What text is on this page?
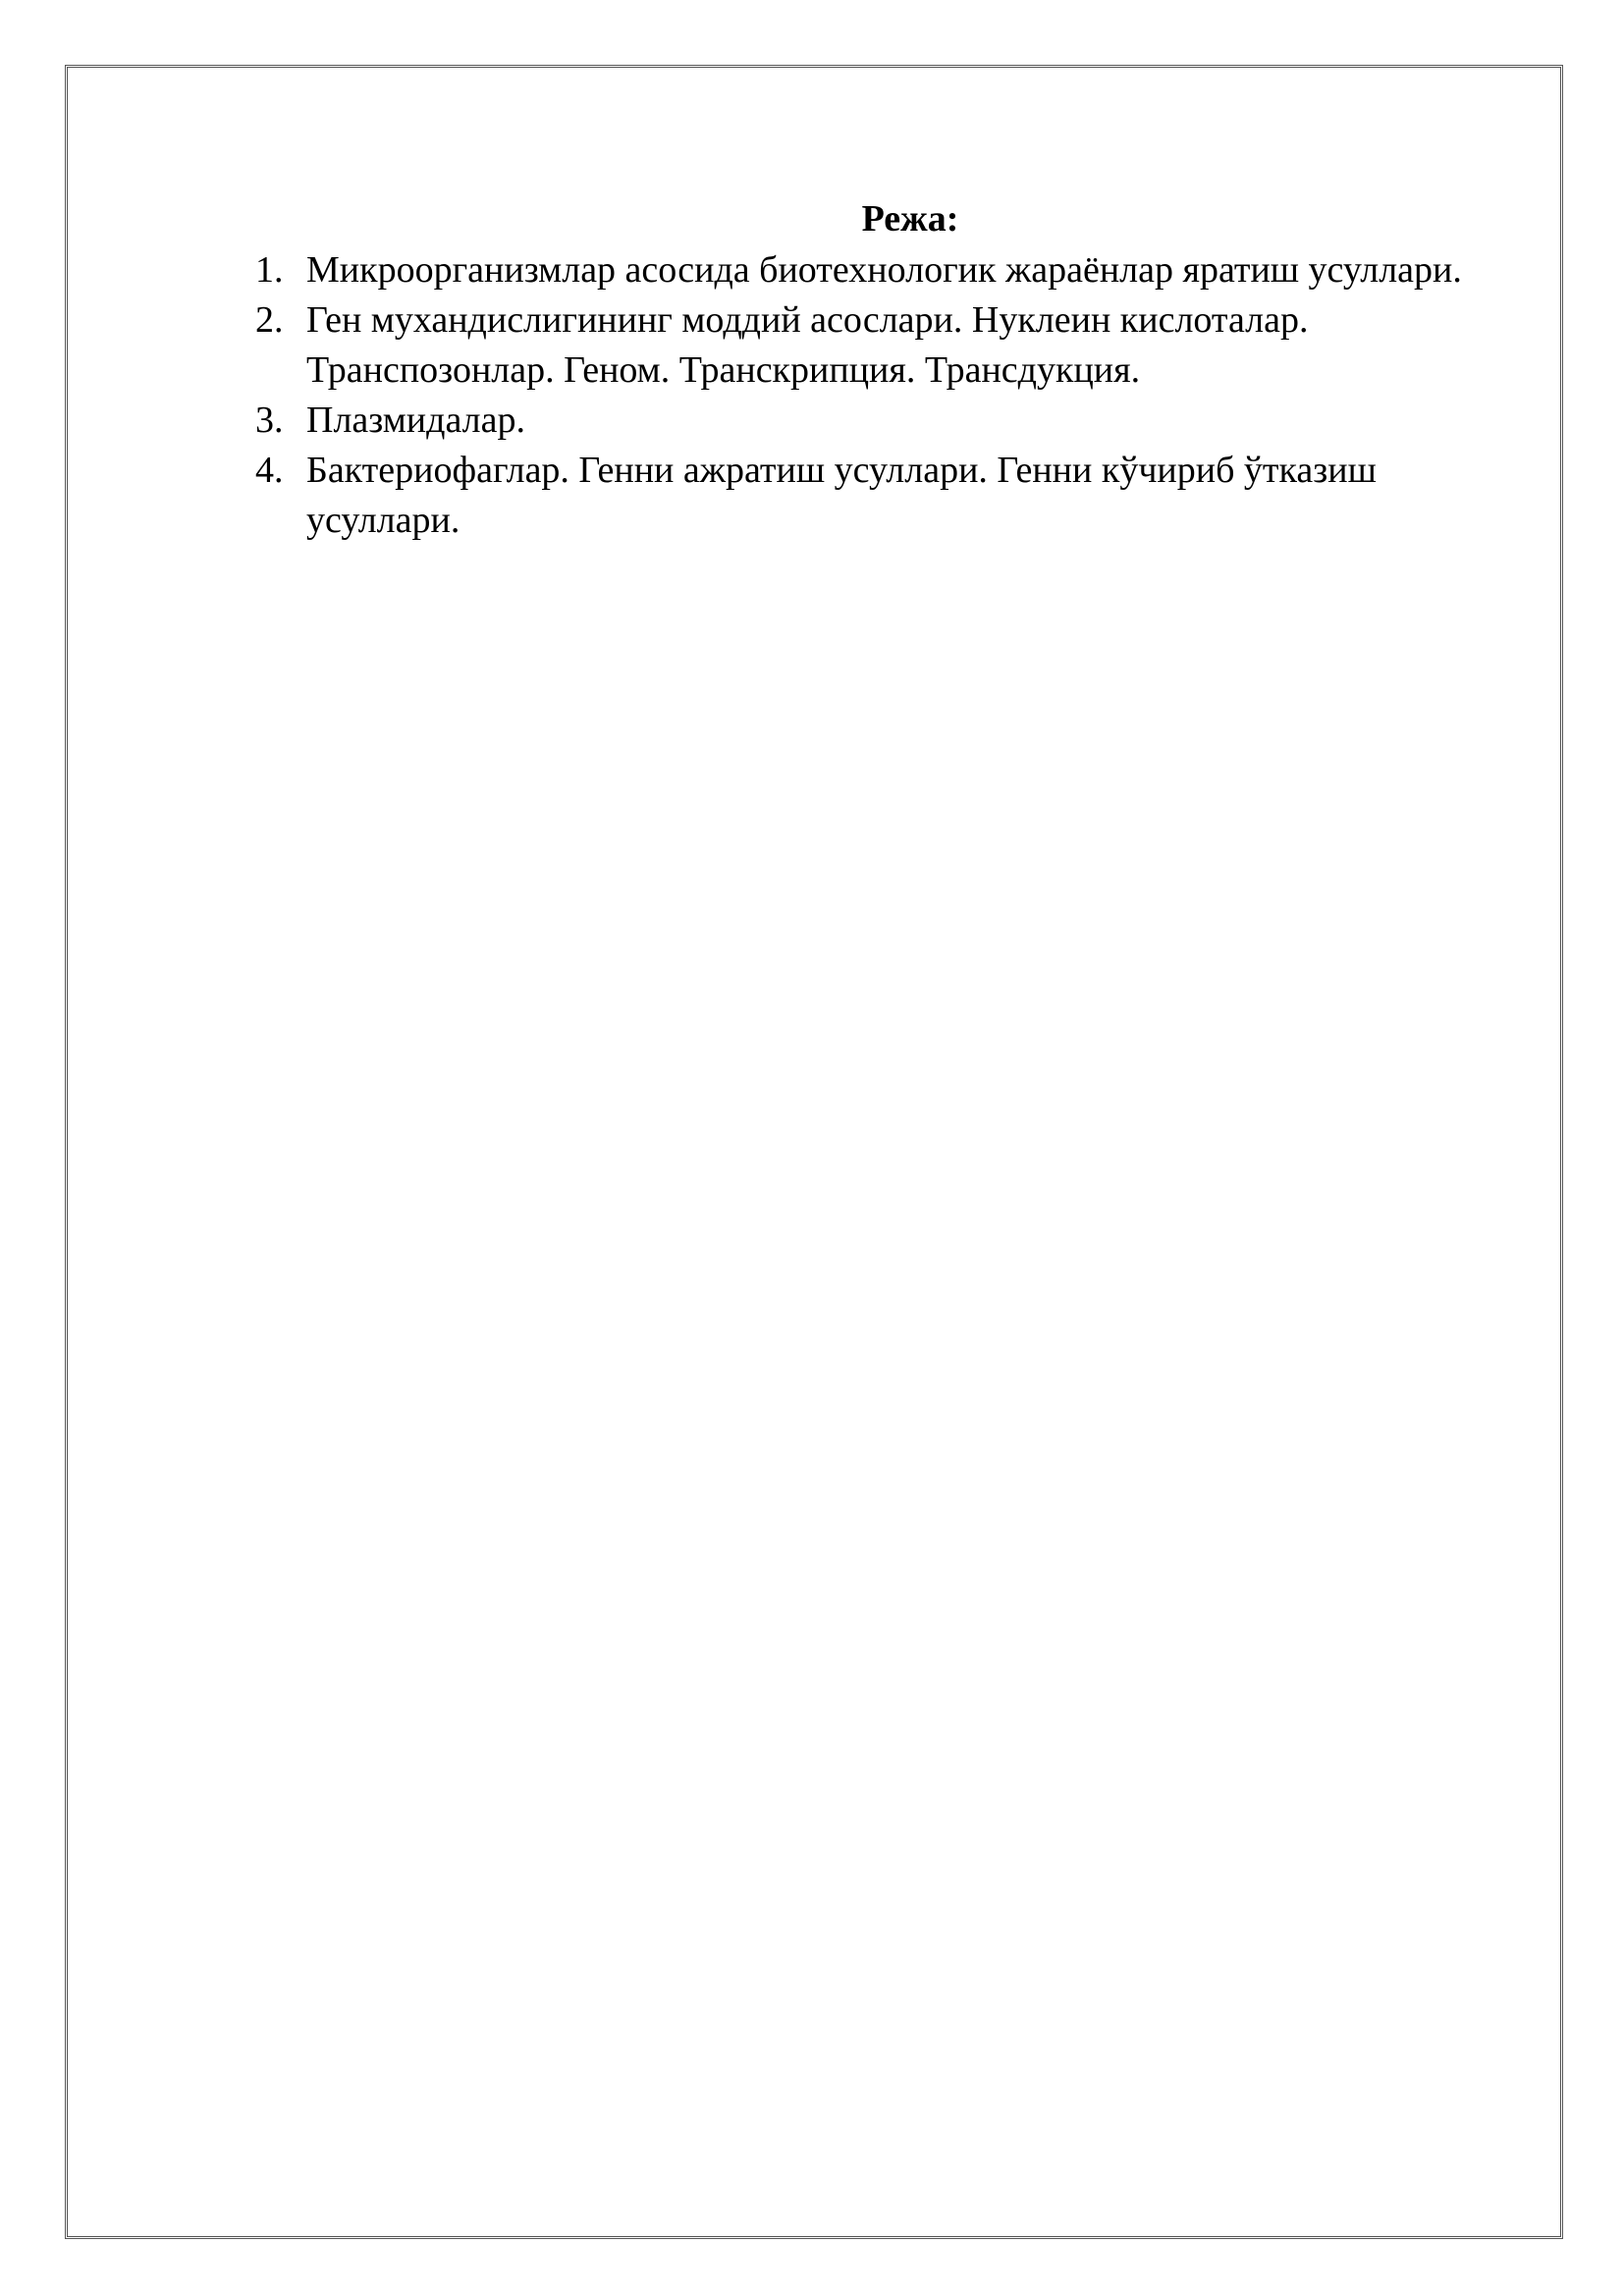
Режа:
1. Микроорганизмлар асосида биотехнологик жараёнлар яратиш усуллари.
2. Ген мухандислигининг моддий асослари. Нуклеин кислоталар. Транспозонлар. Геном. Транскрипция. Трансдукция.
3. Плазмидалар.
4. Бактериофаглар. Генни ажратиш усуллари. Генни кўчириб ўтказиш усуллари.
